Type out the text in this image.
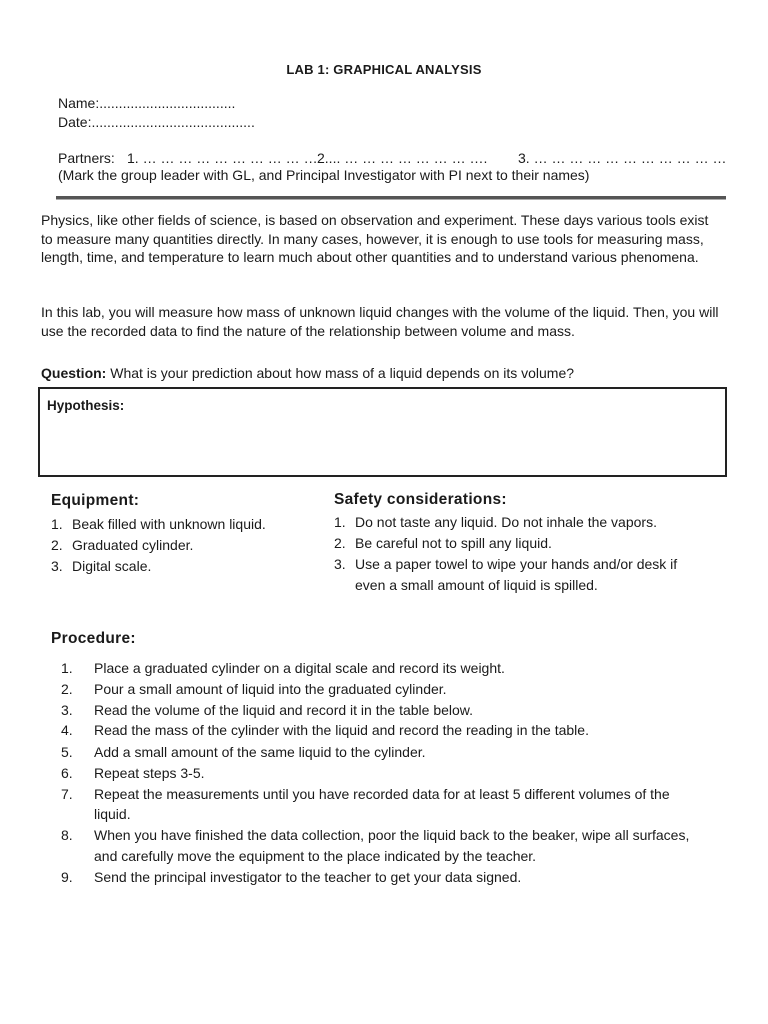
LAB 1: GRAPHICAL ANALYSIS
Name:...................................
Date:..........................................
Partners: 1. … … … … … … … … … … 2.... … … … … … … … …. 3. … … … … … … … … … … …
(Mark the group leader with GL, and Principal Investigator with PI next to their names)

Physics, like other fields of science, is based on observation and experiment. These days various tools exist to measure many quantities directly. In many cases, however, it is enough to use tools for measuring mass, length, time, and temperature to learn much about other quantities and to understand various phenomena.

In this lab, you will measure how mass of unknown liquid changes with the volume of the liquid. Then, you will use the recorded data to find the nature of the relationship between volume and mass.

Question: What is your prediction about how mass of a liquid depends on its volume?
Hypothesis:
Equipment:
1. Beak filled with unknown liquid.
2. Graduated cylinder.
3. Digital scale.
Safety considerations:
1. Do not taste any liquid. Do not inhale the vapors.
2. Be careful not to spill any liquid.
3. Use a paper towel to wipe your hands and/or desk if
even a small amount of liquid is spilled.
Procedure:
1. Place a graduated cylinder on a digital scale and record its weight.
2. Pour a small amount of liquid into the graduated cylinder.
3. Read the volume of the liquid and record it in the table below.
4. Read the mass of the cylinder with the liquid and record the reading in the table.
5. Add a small amount of the same liquid to the cylinder.
6. Repeat steps 3-5.
7. Repeat the measurements until you have recorded data for at least 5 different volumes of the
liquid.
8. When you have finished the data collection, poor the liquid back to the beaker, wipe all surfaces,
and carefully move the equipment to the place indicated by the teacher.
9. Send the principal investigator to the teacher to get your data signed.
